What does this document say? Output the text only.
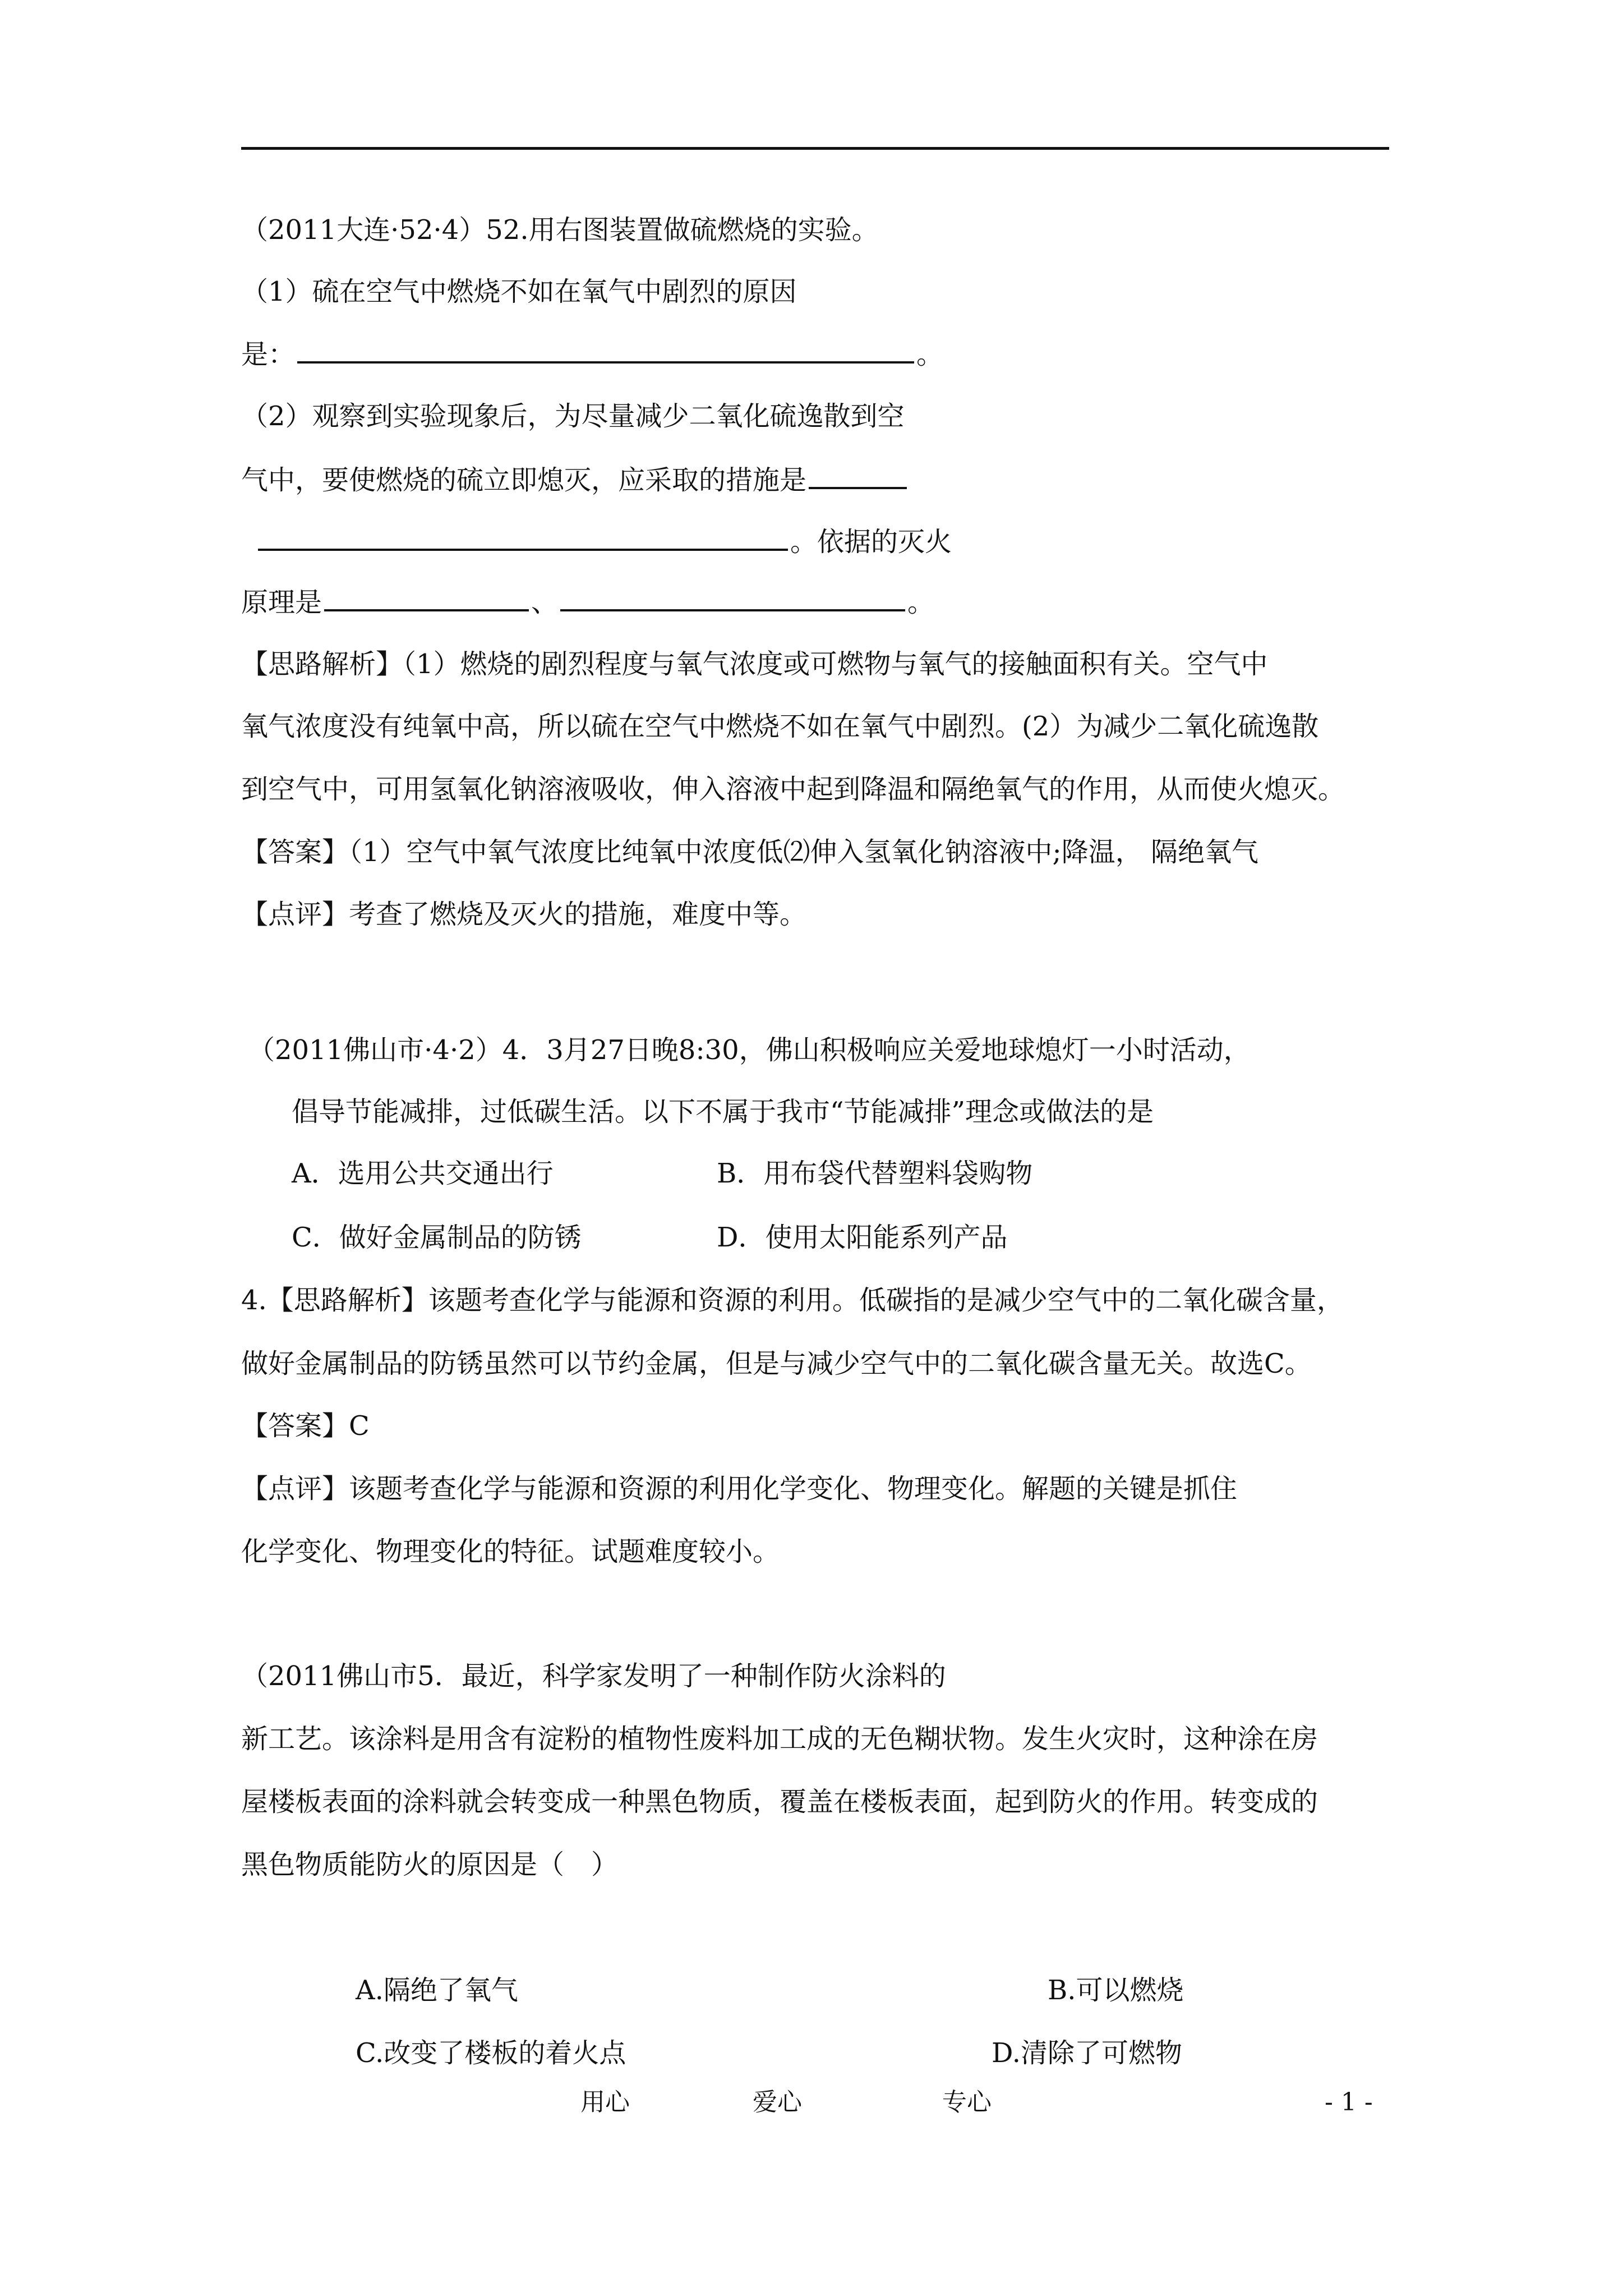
（2011大连·52·4）52.用右图装置做硫燃烧的实验。
（1）硫在空气中燃烧不如在氧气中剧烈的原因
是：	。
（2）观察到实验现象后，为尽量减少二氧化硫逸散到空
气中，要使燃烧的硫立即熄灭，应采取的措施是
。依据的灭火
原理是	、	。
【思路解析】（1）燃烧的剧烈程度与氧气浓度或可燃物与氧气的接触面积有关。空气中
氧气浓度没有纯氧中高，所以硫在空气中燃烧不如在氧气中剧烈。(2）为减少二氧化硫逸散
到空气中，可用氢氧化钠溶液吸收，伸入溶液中起到降温和隔绝氧气的作用，从而使火熄灭。
【答案】（1）空气中氧气浓度比纯氧中浓度低⑵伸入氢氧化钠溶液中;降温， 隔绝氧气
【点评】考查了燃烧及灭火的措施，难度中等。
（2011佛山市·4·2）4．3月27日晚8:30，佛山积极响应关爱地球熄灯一小时活动，
倡导节能减排，过低碳生活。以下不属于我市“节能减排”理念或做法的是
A．选用公共交通出行	B．用布袋代替塑料袋购物
C．做好金属制品的防锈	D．使用太阳能系列产品
4.【思路解析】该题考查化学与能源和资源的利用。低碳指的是减少空气中的二氧化碳含量，
做好金属制品的防锈虽然可以节约金属，但是与减少空气中的二氧化碳含量无关。故选C。
【答案】C
【点评】该题考查化学与能源和资源的利用化学变化、物理变化。解题的关键是抓住
化学变化、物理变化的特征。试题难度较小。
（2011佛山市5．最近，科学家发明了一种制作防火涂料的
新工艺。该涂料是用含有淀粉的植物性废料加工成的无色糊状物。发生火灾时，这种涂在房
屋楼板表面的涂料就会转变成一种黑色物质，覆盖在楼板表面，起到防火的作用。转变成的
黑色物质能防火的原因是（　）
A.隔绝了氧气	B.可以燃烧
C.改变了楼板的着火点	D.清除了可燃物
用心	爱心	专心	- 1 -
